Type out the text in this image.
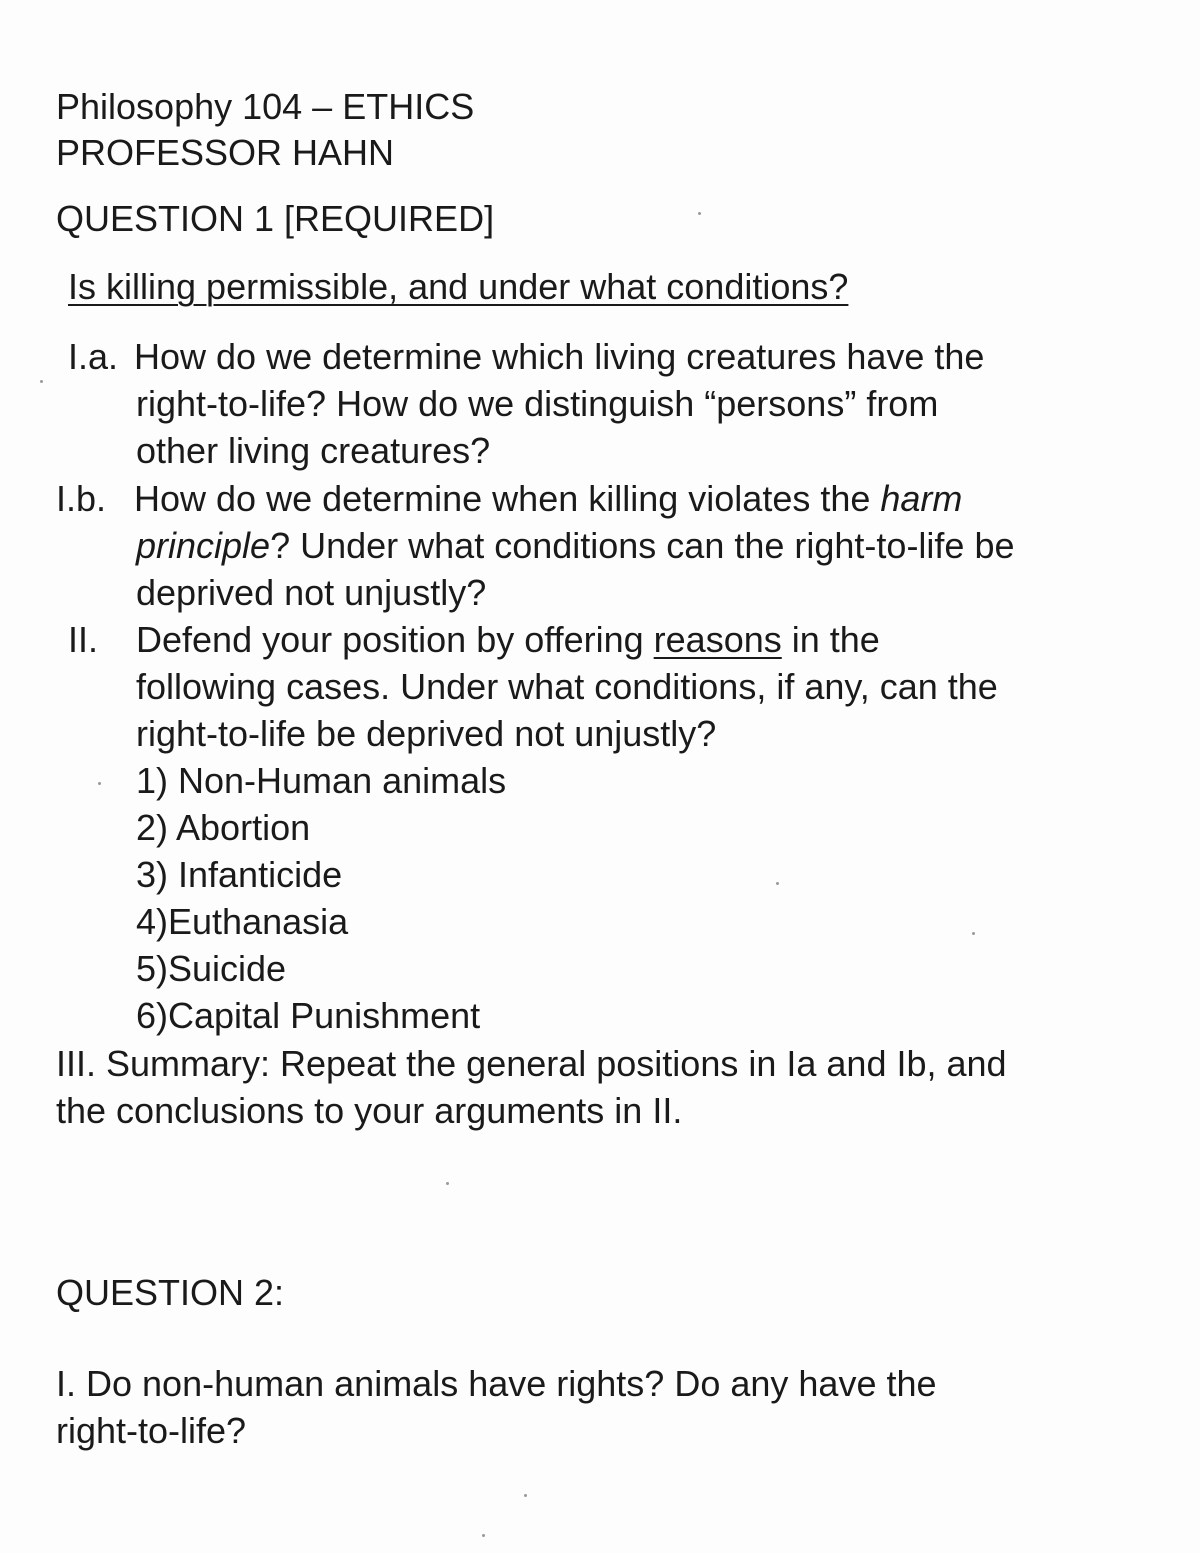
Philosophy 104 – ETHICS
PROFESSOR HAHN
QUESTION 1 [REQUIRED]
Is killing permissible, and under what conditions?
I.a. How do we determine which living creatures have the
right-to-life? How do we distinguish “persons” from
other living creatures?
I.b. How do we determine when killing violates the harm
principle? Under what conditions can the right-to-life be
deprived not unjustly?
II. Defend your position by offering reasons in the
following cases. Under what conditions, if any, can the
right-to-life be deprived not unjustly?
1) Non-Human animals
2) Abortion
3) Infanticide
4)Euthanasia
5)Suicide
6)Capital Punishment
III. Summary: Repeat the general positions in Ia and Ib, and
the conclusions to your arguments in II.
QUESTION 2:
I. Do non-human animals have rights? Do any have the
right-to-life?
